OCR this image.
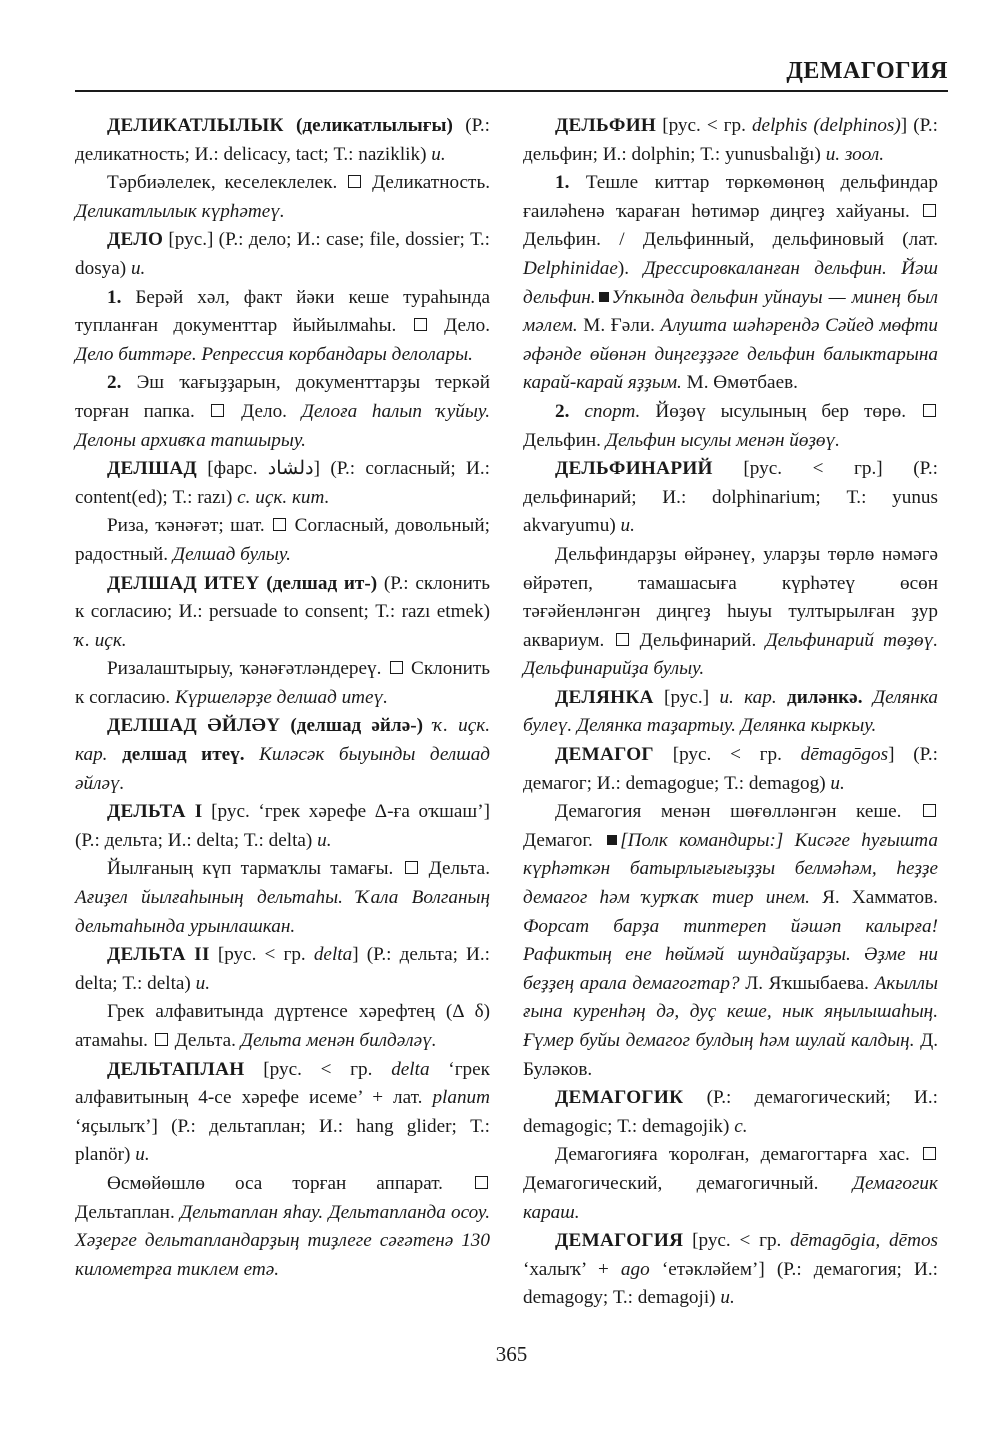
ДЕМАГОГИЯ

ДЕЛИКАТЛЫЛЫК (деликатлылығы) (Р.: деликатность; И.: delicacy, tact; Т.: naziklik) и.

Тәрбиәлелек, кеселеклелек.  Деликатность. Деликатлылык күрһәтеү.

ДЕЛО [рус.] (Р.: дело; И.: case; file, dossier; Т.: dosya) и.

1. Берәй хәл, факт йәки кеше тураһында тупланған документтар йыйылмаһы.  Дело. Дело биттәре. Репрессия корбандары делолары.

2. Эш ҡағыҙҙарын, документтарҙы теркәй торған папка.  Дело. Делоға һалып ҡуйыу. Делоны архивҡа тапшырыу.

ДЕЛШАД [фарс. دلشاد] (Р.: согласный; И.: content(ed); Т.: razı) с. иҫк. кит.

Риза, ҡәнәғәт; шат.  Согласный, довольный; радостный. Делшад булыу.

ДЕЛШАД ИТЕҮ (делшад ит-) (Р.: склонить к согласию; И.: persuade to consent; Т.: razı etmek) ҡ. иҫк.

Ризалаштырыу, ҡәнәғәтләндереү.  Склонить к согласию. Күршеләрҙе делшад итеү.

ДЕЛШАД ӘЙЛӘҮ (делшад әйлә-) ҡ. иҫк. кар. делшад итеү. Киләсәк быуынды делшад әйләү.

ДЕЛЬТА I [рус. ‘грек хәрефе Δ-ға оҡшаш’] (Р.: дельта; И.: delta; Т.: delta) и.

Йылғаның күп тармаҡлы тамағы.  Дельта. Ағиҙел йылғаһының дельтаһы. Ҡала Волганың дельтаһында урынлашкан.

ДЕЛЬТА II [рус. < гр. delta] (Р.: дельта; И.: delta; Т.: delta) и.

Грек алфавитында дүртенсе хәрефтең (Δ δ) атамаһы.  Дельта. Дельта менән билдәләү.

ДЕЛЬТАПЛАН [рус. < гр. delta ‘грек алфавитының 4-се хәрефе исеме’ + лат. planum ‘яҫылыҡ’] (Р.: дельтаплан; И.: hang glider; Т.: planör) и.

Өсмөйөшлө оса торған аппарат.  Дельтаплан. Дельтаплан яһау. Дельтапланда осоу. Хәҙерге дельтапландарҙың тиҙлеге сәғәтенә 130 километрға тиклем етә.

ДЕЛЬФИН [рус. < гр. delphis (delphinos)] (Р.: дельфин; И.: dolphin; Т.: yunusbalığı) и. зоол.

1. Тешле киттар төркөмөнөң дельфиндар ғаиләһенә ҡараған һөтимәр диңгеҙ хайуаны.  Дельфин. / Дельфинный, дельфиновый (лат. Delphinidae). Дрессировкаланған дельфин. Йәш дельфин. Упкында дельфин уйнауы — минең был мәлем. М. Ғәли. Алушта шәһәрендә Сәйед мөфти әфәнде өйөнән диңгеҙҙәге дельфин балыктарына карай-карай яҙҙым. М. Өмөтбаев.

2. спорт. Йөҙөү ысулының бер төрө.  Дельфин. Дельфин ысулы менән йөҙөү.

ДЕЛЬФИНАРИЙ [рус. < гр.] (Р.: дельфинарий; И.: dolphinarium; Т.: yunus akvaryumu) и.

Дельфиндарҙы өйрәнеү, уларҙы төрлө нәмәгә өйрәтеп, тамашасыға күрһәтеү өсөн тәғәйенләнгән диңгеҙ һыуы тултырылған ҙур аквариум.  Дельфинарий. Дельфинарий төҙөү. Дельфинарийҙа булыу.

ДЕЛЯНКА [рус.] и. кар. диләнкә. Делянка булеү. Делянка таҙартыу. Делянка кыркыу.

ДЕМАГОГ [рус. < гр. dēmagōgos] (Р.: демагог; И.: demagogue; Т.: demagog) и.

Демагогия менән шөғөлләнгән кеше.  Демагог. [Полк командиры:] Кисәге һуғышта күрһәткән батырлығығыҙҙы белмәһәм, һеҙҙе демагог һәм ҡурҡаҡ тиер инем. Я. Хамматов. Форсат барҙа типтереп йәшәп калырға! Рафиктың ене һөймәй шундайҙарҙы. Әҙме ни беҙҙең арала демагогтар? Л. Яҡшыбаева. Акыллы ғына куренһәң дә, дуҫ кеше, нык яңылышаһың. Ғүмер буйы демагог булдың һәм шулай калдың. Д. Буләков.

ДЕМАГОГИК (Р.: демагогический; И.: demagogic; Т.: demagojik) с.

Демагогияға ҡоролған, демагогтарға хас.  Демагогический, демагогичный. Демагогик караш.

ДЕМАГОГИЯ [рус. < гр. dēmagōgia, dēmos ‘халыҡ’ + ago ‘етәкләйем’] (Р.: демагогия; И.: demagogy; Т.: demagoji) и.

365
